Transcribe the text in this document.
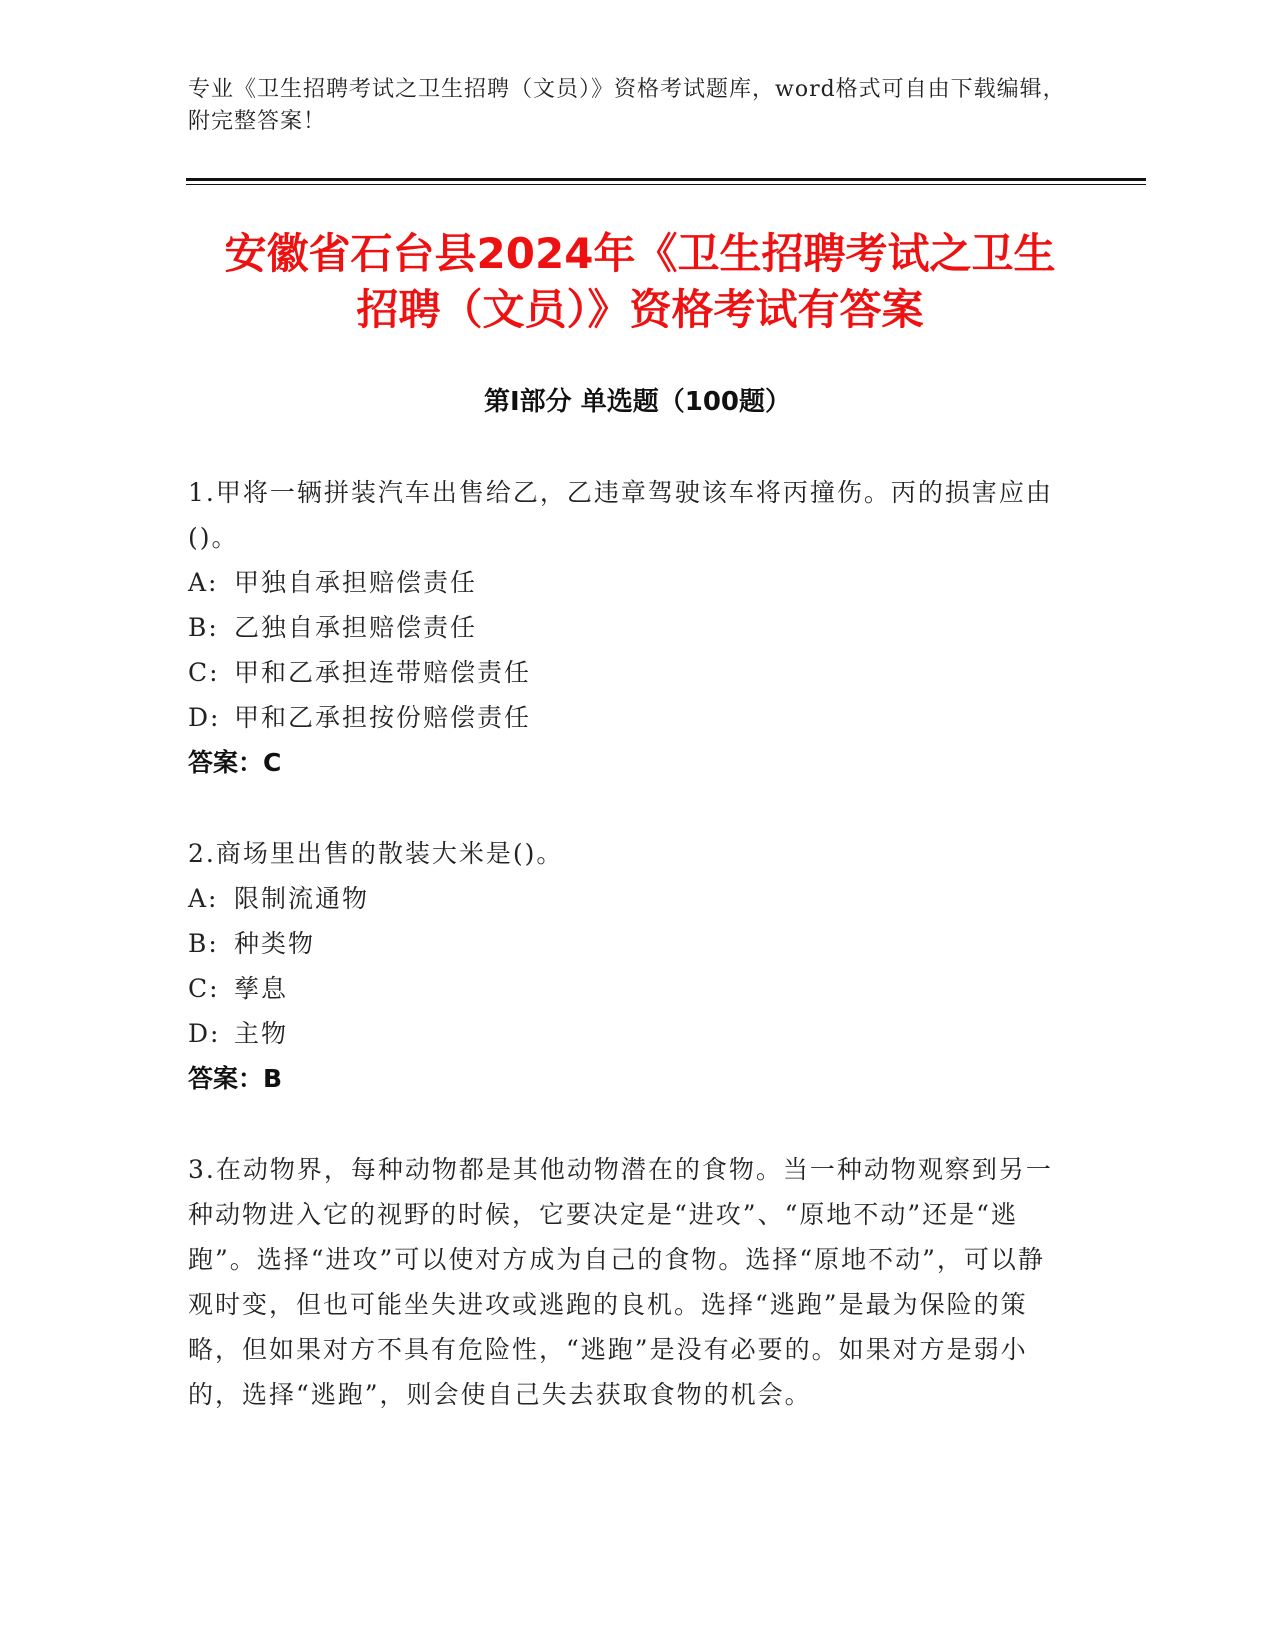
专业《卫生招聘考试之卫生招聘（文员）》资格考试题库，word格式可自由下载编辑，附完整答案！
安徽省石台县2024年《卫生招聘考试之卫生
招聘（文员）》资格考试有答案
第I部分 单选题（100题）
1.甲将一辆拼装汽车出售给乙，乙违章驾驶该车将丙撞伤。丙的损害应由()。
A: 甲独自承担赔偿责任
B: 乙独自承担赔偿责任
C: 甲和乙承担连带赔偿责任
D: 甲和乙承担按份赔偿责任
答案：C
2.商场里出售的散装大米是()。
A: 限制流通物
B: 种类物
C: 孳息
D: 主物
答案：B
3.在动物界，每种动物都是其他动物潜在的食物。当一种动物观察到另一种动物进入它的视野的时候，它要决定是“进攻”、“原地不动”还是“逃跑”。选择“进攻”可以使对方成为自己的食物。选择“原地不动”，可以静观时变，但也可能坐失进攻或逃跑的良机。选择“逃跑”是最为保险的策略，但如果对方不具有危险性，“逃跑”是没有必要的。如果对方是弱小的，选择“逃跑”，则会使自己失去获取食物的机会。
